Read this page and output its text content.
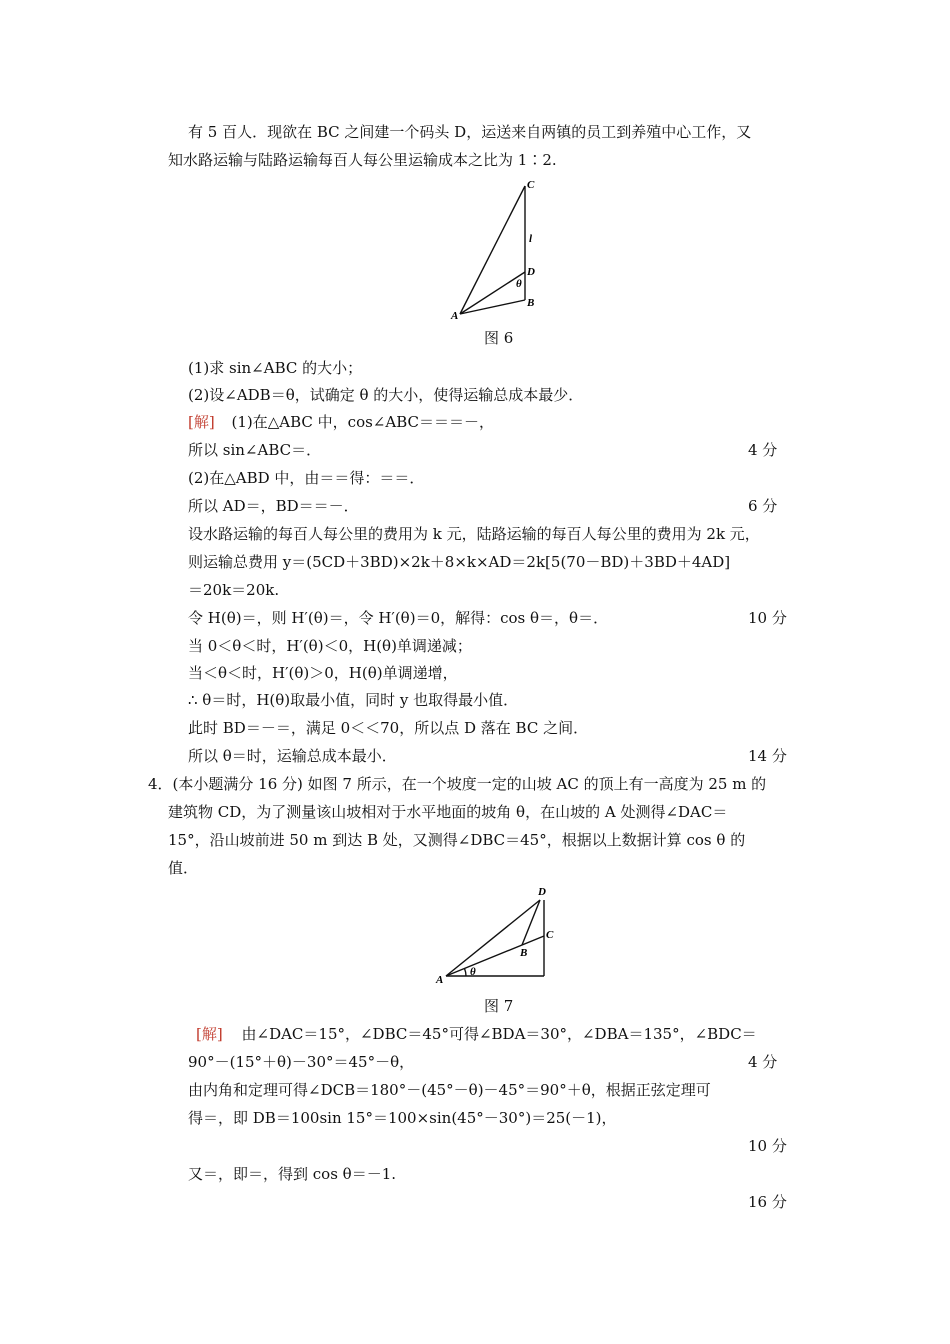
有 5 百人．现欲在 BC 之间建一个码头 D，运送来自两镇的员工到养殖中心工作，又
知水路运输与陆路运输每百人每公里运输成本之比为 1∶2.
C
l
D
θ
B
A
图 6
(1)求 sin∠ABC 的大小；
(2)设∠ADB＝θ，试确定 θ 的大小，使得运输总成本最少．
[解] (1)在△ABC 中，cos∠ABC＝＝＝－，
所以 sin∠ABC＝．	4 分
(2)在△ABD 中，由＝＝得：＝＝．
所以 AD＝，BD＝＝－．	6 分
设水路运输的每百人每公里的费用为 k 元，陆路运输的每百人每公里的费用为 2k 元，
则运输总费用 y＝(5CD＋3BD)×2k＋8×k×AD＝2k[5(70－BD)＋3BD＋4AD]
＝20k＝20k.
令 H(θ)＝，则 H′(θ)＝，令 H′(θ)＝0，解得：cos θ＝，θ＝．	10 分
当 0＜θ＜时，H′(θ)＜0，H(θ)单调递减；
当＜θ＜时，H′(θ)＞0，H(θ)单调递增，
∴ θ＝时，H(θ)取最小值，同时 y 也取得最小值．
此时 BD＝－＝，满足 0＜＜70，所以点 D 落在 BC 之间．
所以 θ＝时，运输总成本最小．	14 分
4．(本小题满分 16 分) 如图 7 所示，在一个坡度一定的山坡 AC 的顶上有一高度为 25 m 的
建筑物 CD，为了测量该山坡相对于水平地面的坡角 θ，在山坡的 A 处测得∠DAC＝
15°，沿山坡前进 50 m 到达 B 处，又测得∠DBC＝45°，根据以上数据计算 cos θ 的
值．
D
C
B
A
θ
图 7
[解] 由∠DAC＝15°，∠DBC＝45°可得∠BDA＝30°，∠DBA＝135°，∠BDC＝
90°－(15°＋θ)－30°＝45°－θ，	4 分
由内角和定理可得∠DCB＝180°－(45°－θ)－45°＝90°＋θ，根据正弦定理可
得＝，即 DB＝100sin 15°＝100×sin(45°－30°)＝25(－1)，
10 分
又＝，即＝，得到 cos θ＝－1.
16 分
